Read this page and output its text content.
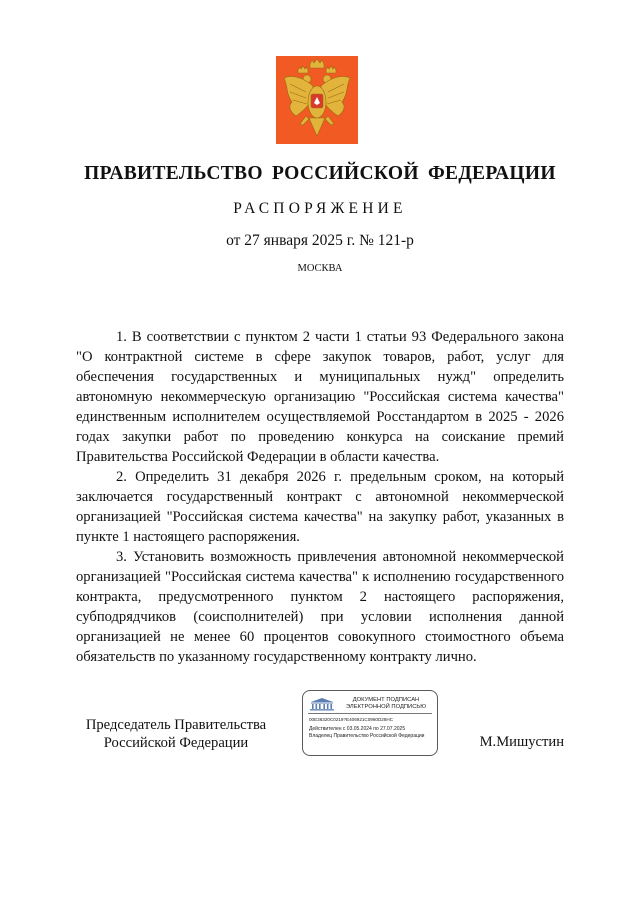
ПРАВИТЕЛЬСТВО РОССИЙСКОЙ ФЕДЕРАЦИИ
РАСПОРЯЖЕНИЕ
от 27 января 2025 г. № 121-р
МОСКВА

1. В соответствии с пунктом 2 части 1 статьи 93 Федерального закона "О контрактной системе в сфере закупок товаров, работ, услуг для обеспечения государственных и муниципальных нужд" определить автономную некоммерческую организацию "Российская система качества" единственным исполнителем осуществляемой Росстандартом в 2025 - 2026 годах закупки работ по проведению конкурса на соискание премий Правительства Российской Федерации в области качества.

2. Определить 31 декабря 2026 г. предельным сроком, на который заключается государственный контракт с автономной некоммерческой организацией "Российская система качества" на закупку работ, указанных в пункте 1 настоящего распоряжения.

3. Установить возможность привлечения автономной некоммерческой организацией "Российская система качества" к исполнению государственного контракта, предусмотренного пунктом 2 настоящего распоряжения, субподрядчиков (соисполнителей) при условии исполнения данной организацией не менее 60 процентов совокупного стоимостного объема обязательств по указанному государственному контракту лично.

Председатель Правительства
Российской Федерации
ДОКУМЕНТ ПОДПИСАН
ЭЛЕКТРОННОЙ ПОДПИСЬЮ
00E36320C0219?E406921C0960D28HC
Действителен с 03.05.2024 по 27.07.2025
Владелец Правительство Российской Федерации	М.Мишустин
